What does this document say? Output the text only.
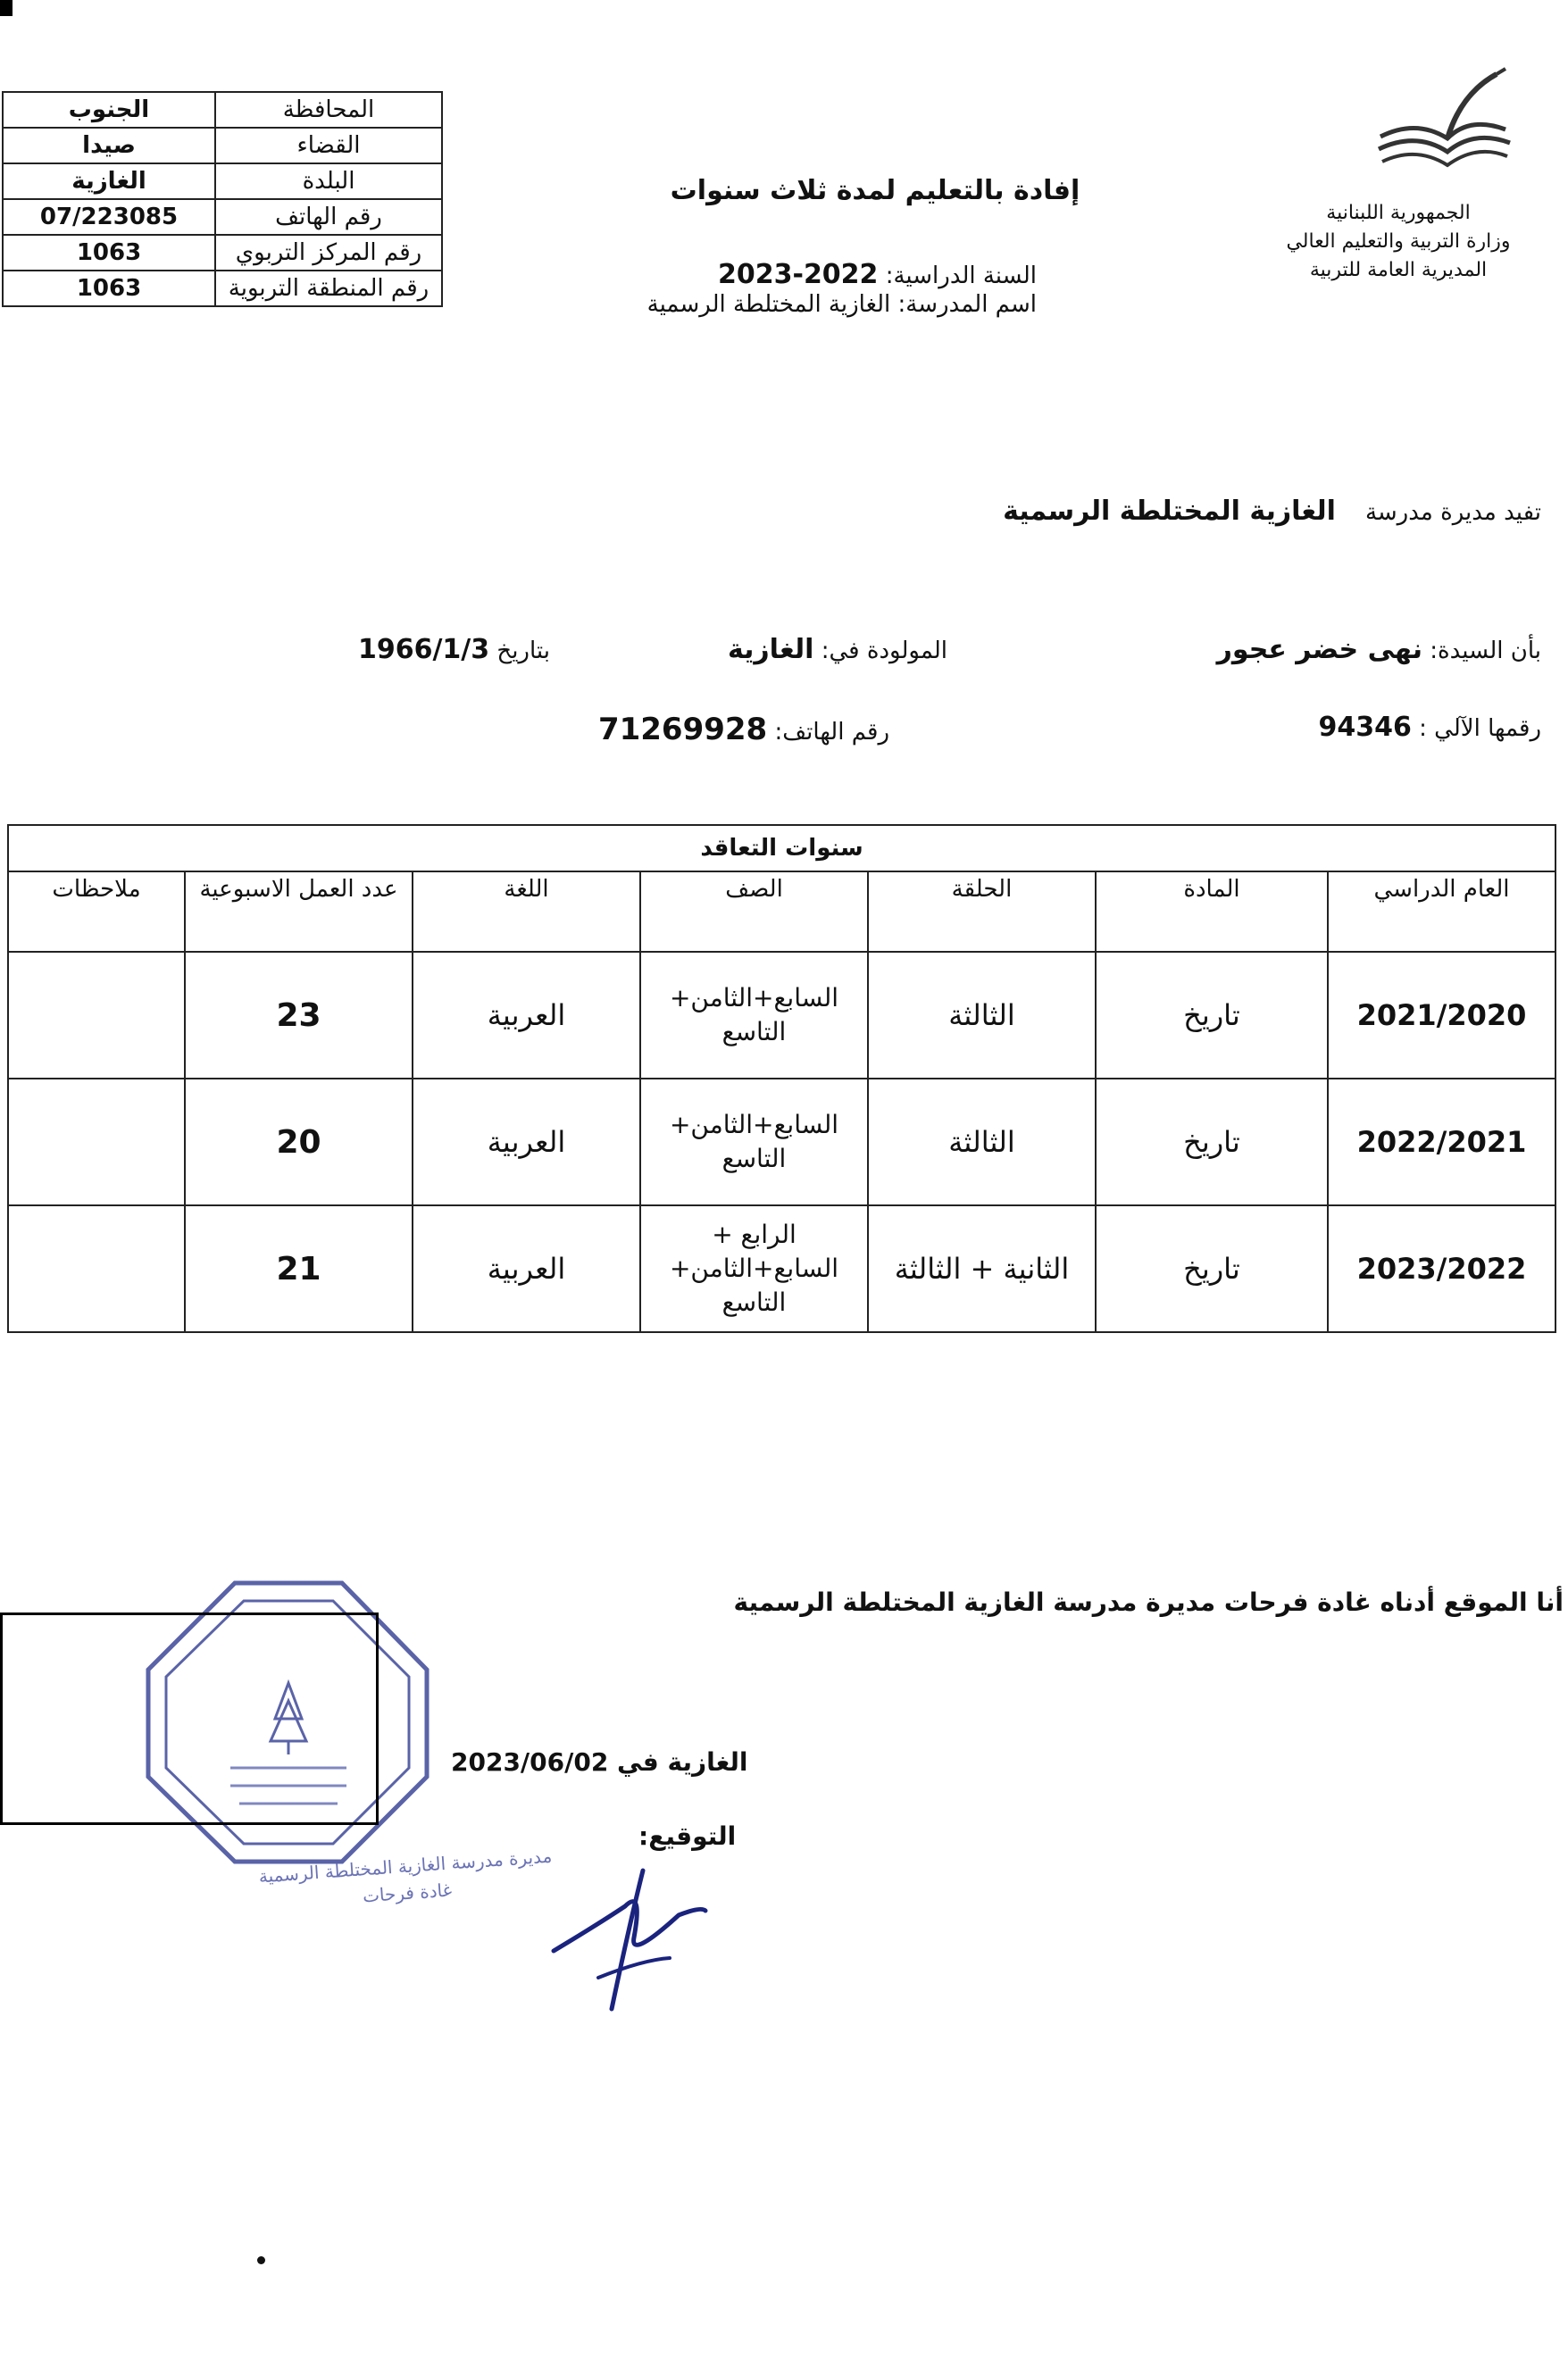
المحافظة	الجنوب
القضاء	صيدا
البلدة	الغازية
رقم الهاتف	07/223085
رقم المركز التربوي	1063
رقم المنطقة التربوية	1063
الجمهورية اللبنانية
وزارة التربية والتعليم العالي
المديرية العامة للتربية
إفادة بالتعليم لمدة ثلاث سنوات
السنة الدراسية: 2022-2023
اسم المدرسة: الغازية المختلطة الرسمية
تفيد مديرة مدرسة    الغازية المختلطة الرسمية
بأن السيدة: نهى خضر عجور
المولودة في: الغازية
بتاريخ 1966/1/3
رقمها الآلي : 94346
رقم الهاتف: 71269928
سنوات التعاقد						
العام الدراسي	المادة	الحلقة	الصف	اللغة	عدد العمل الاسبوعية	ملاحظات
2021/2020	تاريخ	الثالثة	السابع+الثامن+ التاسع	العربية	23	
2022/2021	تاريخ	الثالثة	السابع+الثامن+ التاسع	العربية	20	
2023/2022	تاريخ	الثانية + الثالثة	الرابع + السابع+الثامن+ التاسع	العربية	21	
أنا الموقع أدناه غادة فرحات مديرة مدرسة الغازية المختلطة الرسمية
الغازية في 2023/06/02
التوقيع:
مديرة مدرسة الغازية المختلطة الرسمية غادة فرحات
